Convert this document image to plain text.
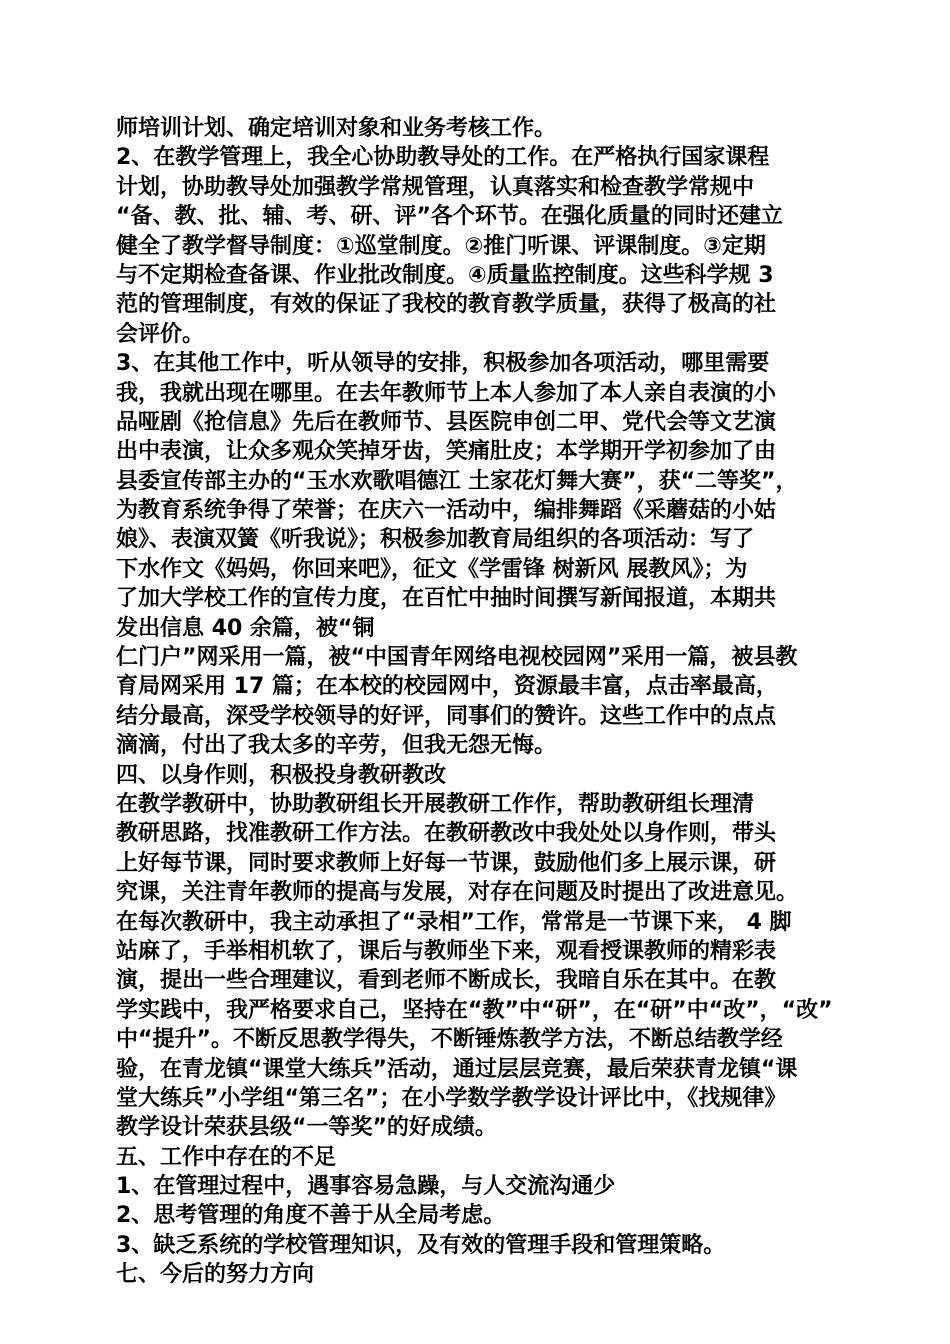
师培训计划、确定培训对象和业务考核工作。
2、在教学管理上，我全心协助教导处的工作。在严格执行国家课程
计划，协助教导处加强教学常规管理，认真落实和检查教学常规中
“备、教、批、辅、考、研、评”各个环节。在强化质量的同时还建立
健全了教学督导制度：①巡堂制度。②推门听课、评课制度。③定期
与不定期检查备课、作业批改制度。④质量监控制度。这些科学规 3
范的管理制度，有效的保证了我校的教育教学质量，获得了极高的社
会评价。
3、在其他工作中，听从领导的安排，积极参加各项活动，哪里需要
我，我就出现在哪里。在去年教师节上本人参加了本人亲自表演的小
品哑剧《抢信息》先后在教师节、县医院申创二甲、党代会等文艺演
出中表演，让众多观众笑掉牙齿，笑痛肚皮；本学期开学初参加了由
县委宣传部主办的“玉水欢歌唱德江 土家花灯舞大赛”，获“二等奖”，
为教育系统争得了荣誉；在庆六一活动中，编排舞蹈《采蘑菇的小姑
娘》、表演双簧《听我说》；积极参加教育局组织的各项活动：写了
下水作文《妈妈，你回来吧》，征文《学雷锋 树新风 展教风》；为
了加大学校工作的宣传力度，在百忙中抽时间撰写新闻报道，本期共
发出信息 40 余篇，被“铜
仁门户”网采用一篇，被“中国青年网络电视校园网”采用一篇，被县教
育局网采用 17 篇；在本校的校园网中，资源最丰富，点击率最高，
结分最高，深受学校领导的好评，同事们的赞许。这些工作中的点点
滴滴，付出了我太多的辛劳，但我无怨无悔。
四、以身作则，积极投身教研教改
在教学教研中，协助教研组长开展教研工作作，帮助教研组长理清
教研思路，找准教研工作方法。在教研教改中我处处以身作则，带头
上好每节课，同时要求教师上好每一节课，鼓励他们多上展示课，研
究课，关注青年教师的提高与发展，对存在问题及时提出了改进意见。
在每次教研中，我主动承担了“录相”工作，常常是一节课下来， 4 脚
站麻了，手举相机软了，课后与教师坐下来，观看授课教师的精彩表
演，提出一些合理建议，看到老师不断成长，我暗自乐在其中。在教
学实践中，我严格要求自己，坚持在“教”中“研”，在“研”中“改”，“改”
中“提升”。不断反思教学得失，不断锤炼教学方法，不断总结教学经
验，在青龙镇“课堂大练兵”活动，通过层层竞赛，最后荣获青龙镇“课
堂大练兵”小学组“第三名”；在小学数学教学设计评比中，《找规律》
教学设计荣获县级“一等奖”的好成绩。
五、工作中存在的不足
1、在管理过程中，遇事容易急躁，与人交流沟通少
2、思考管理的角度不善于从全局考虑。
3、缺乏系统的学校管理知识，及有效的管理手段和管理策略。
七、今后的努力方向
